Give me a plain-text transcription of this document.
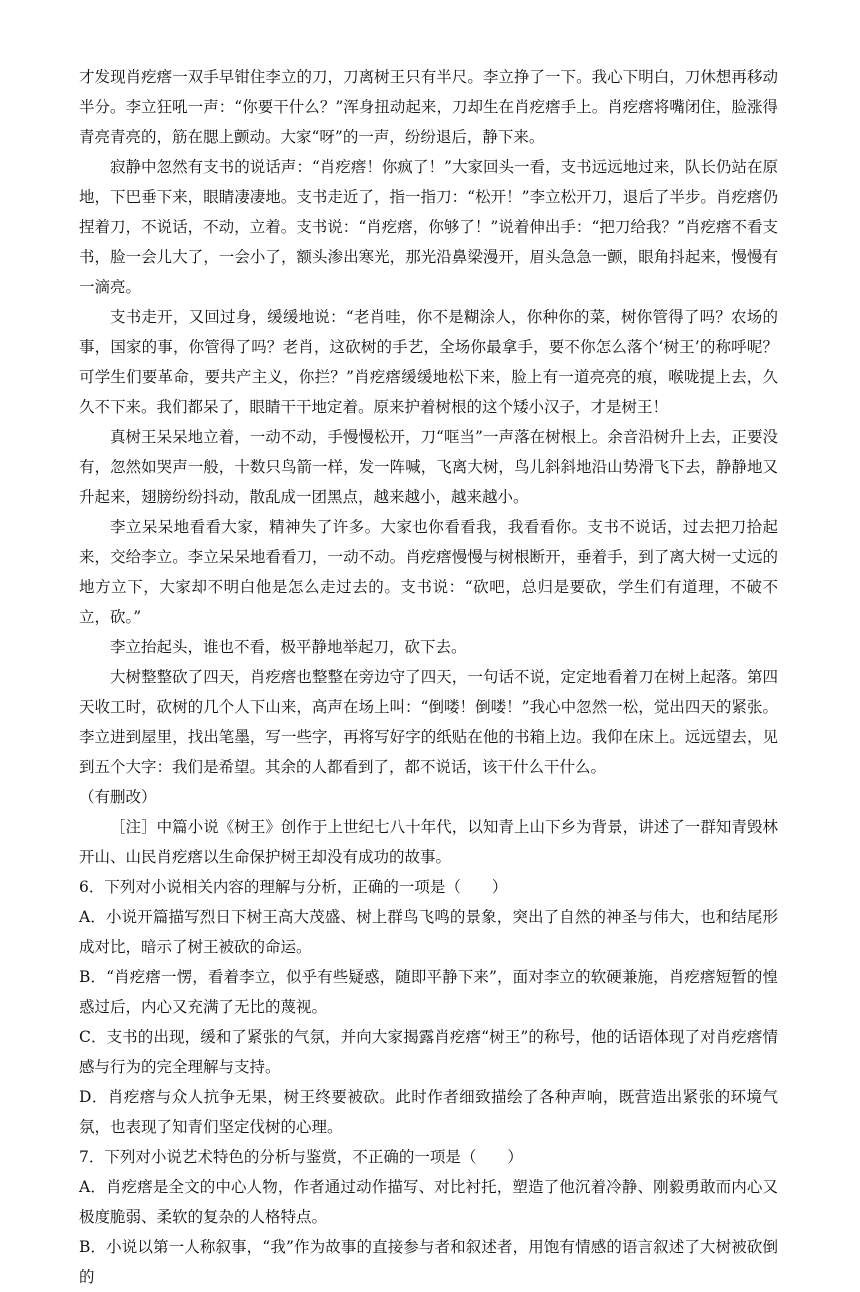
才发现肖疙瘩一双手早钳住李立的刀，刀离树王只有半尺。李立挣了一下。我心下明白，刀休想再移动半分。李立狂吼一声：“你要干什么？”浑身扭动起来，刀却生在肖疙瘩手上。肖疙瘩将嘴闭住，脸涨得青亮青亮的，筋在腮上颤动。大家“呀”的一声，纷纷退后，静下来。

寂静中忽然有支书的说话声：“肖疙瘩！你疯了！”大家回头一看，支书远远地过来，队长仍站在原地，下巴垂下来，眼睛凄凄地。支书走近了，指一指刀：“松开！”李立松开刀，退后了半步。肖疙瘩仍捏着刀，不说话，不动，立着。支书说：“肖疙瘩，你够了！”说着伸出手：“把刀给我？”肖疙瘩不看支书，脸一会儿大了，一会小了，额头渗出寒光，那光沿鼻梁漫开，眉头急急一颤，眼角抖起来，慢慢有一滴亮。

支书走开，又回过身，缓缓地说：“老肖哇，你不是糊涂人，你种你的菜，树你管得了吗？农场的事，国家的事，你管得了吗？老肖，这砍树的手艺，全场你最拿手，要不你怎么落个‘树王’的称呼呢？可学生们要革命，要共产主义，你拦？”肖疙瘩缓缓地松下来，脸上有一道亮亮的痕，喉咙提上去，久久不下来。我们都呆了，眼睛干干地定着。原来护着树根的这个矮小汉子，才是树王！

真树王呆呆地立着，一动不动，手慢慢松开，刀“哐当”一声落在树根上。余音沿树升上去，正要没有，忽然如哭声一般，十数只鸟箭一样，发一阵喊，飞离大树，鸟儿斜斜地沿山势滑飞下去，静静地又升起来，翅膀纷纷抖动，散乱成一团黑点，越来越小，越来越小。

李立呆呆地看看大家，精神失了许多。大家也你看看我，我看看你。支书不说话，过去把刀拾起来，交给李立。李立呆呆地看看刀，一动不动。肖疙瘩慢慢与树根断开，垂着手，到了离大树一丈远的地方立下，大家却不明白他是怎么走过去的。支书说：“砍吧，总归是要砍，学生们有道理，不破不立，砍。”

李立抬起头，谁也不看，极平静地举起刀，砍下去。

大树整整砍了四天，肖疙瘩也整整在旁边守了四天，一句话不说，定定地看着刀在树上起落。第四天收工时，砍树的几个人下山来，高声在场上叫：“倒喽！倒喽！”我心中忽然一松，觉出四天的紧张。李立进到屋里，找出笔墨，写一些字，再将写好字的纸贴在他的书箱上边。我仰在床上。远远望去，见到五个大字：我们是希望。其余的人都看到了，都不说话，该干什么干什么。

（有删改）

［注］中篇小说《树王》创作于上世纪七八十年代，以知青上山下乡为背景，讲述了一群知青毁林开山、山民肖疙瘩以生命保护树王却没有成功的故事。

6．下列对小说相关内容的理解与分析，正确的一项是（　　）

A．小说开篇描写烈日下树王高大茂盛、树上群鸟飞鸣的景象，突出了自然的神圣与伟大，也和结尾形成对比，暗示了树王被砍的命运。

B．“肖疙瘩一愣，看着李立，似乎有些疑惑，随即平静下来”，面对李立的软硬兼施，肖疙瘩短暂的惶惑过后，内心又充满了无比的蔑视。

C．支书的出现，缓和了紧张的气氛，并向大家揭露肖疙瘩“树王”的称号，他的话语体现了对肖疙瘩情感与行为的完全理解与支持。

D．肖疙瘩与众人抗争无果，树王终要被砍。此时作者细致描绘了各种声响，既营造出紧张的环境气氛，也表现了知青们坚定伐树的心理。

7．下列对小说艺术特色的分析与鉴赏，不正确的一项是（　　）

A．肖疙瘩是全文的中心人物，作者通过动作描写、对比衬托，塑造了他沉着冷静、刚毅勇敢而内心又极度脆弱、柔软的复杂的人格特点。

B．小说以第一人称叙事，“我”作为故事的直接参与者和叙述者，用饱有情感的语言叙述了大树被砍倒的
